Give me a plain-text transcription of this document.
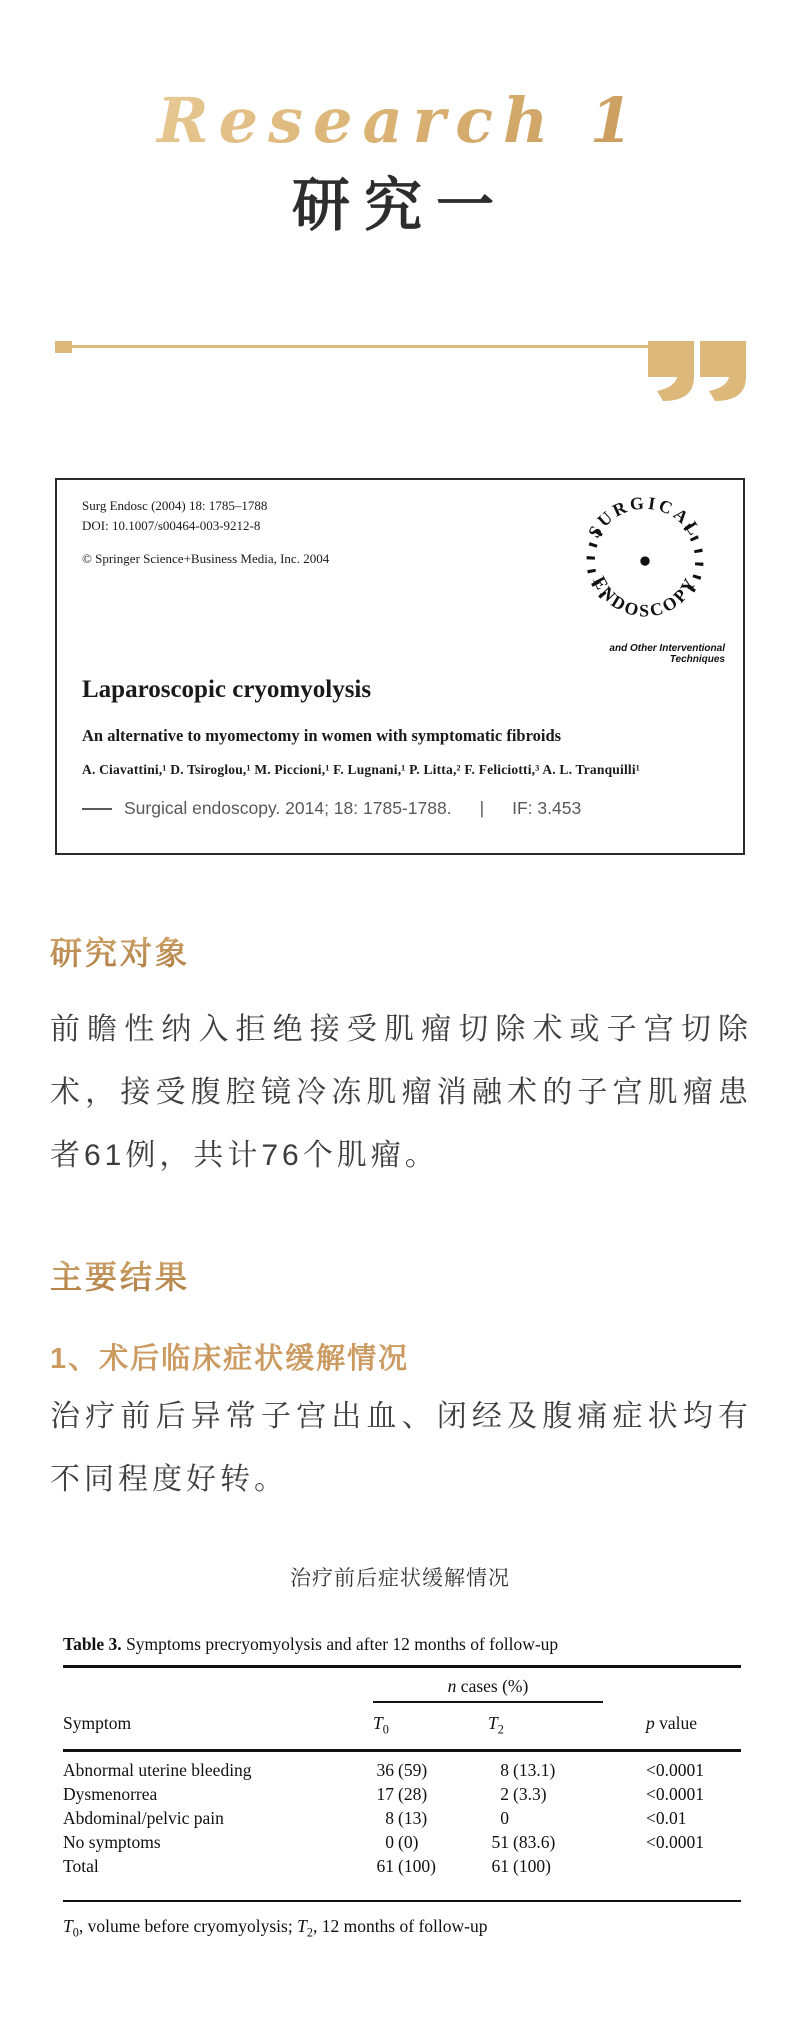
Research 1
研究一
Surg Endosc (2004) 18: 1785–1788
DOI: 10.1007/s00464-003-9212-8
© Springer Science+Business Media, Inc. 2004
SURGICAL
ENDOSCOPY
and Other Interventional Techniques
Laparoscopic cryomyolysis
An alternative to myomectomy in women with symptomatic fibroids
A. Ciavattini,¹ D. Tsiroglou,¹ M. Piccioni,¹ F. Lugnani,¹ P. Litta,² F. Feliciotti,³ A. L. Tranquilli¹
Surgical endoscopy. 2014; 18: 1785-1788. | IF: 3.453
研究对象
前瞻性纳入拒绝接受肌瘤切除术或子宫切除术，接受腹腔镜冷冻肌瘤消融术的子宫肌瘤患者61例，共计76个肌瘤。
主要结果
1、术后临床症状缓解情况
治疗前后异常子宫出血、闭经及腹痛症状均有不同程度好转。
治疗前后症状缓解情况
Table 3. Symptoms precryomyolysis and after 12 months of follow-up
n cases (%)
Symptom	$T_0$	$T_2$	p value
Abnormal uterine bleeding	36 (59)	8 (13.1)	<0.0001
Dysmenorrea	17 (28)	2 (3.3)	<0.0001
Abdominal/pelvic pain	8 (13)	0	<0.01
No symptoms	0 (0)	51 (83.6)	<0.0001
Total	61 (100)	61 (100)
$T_0$, volume before cryomyolysis; $T_2$, 12 months of follow-up
